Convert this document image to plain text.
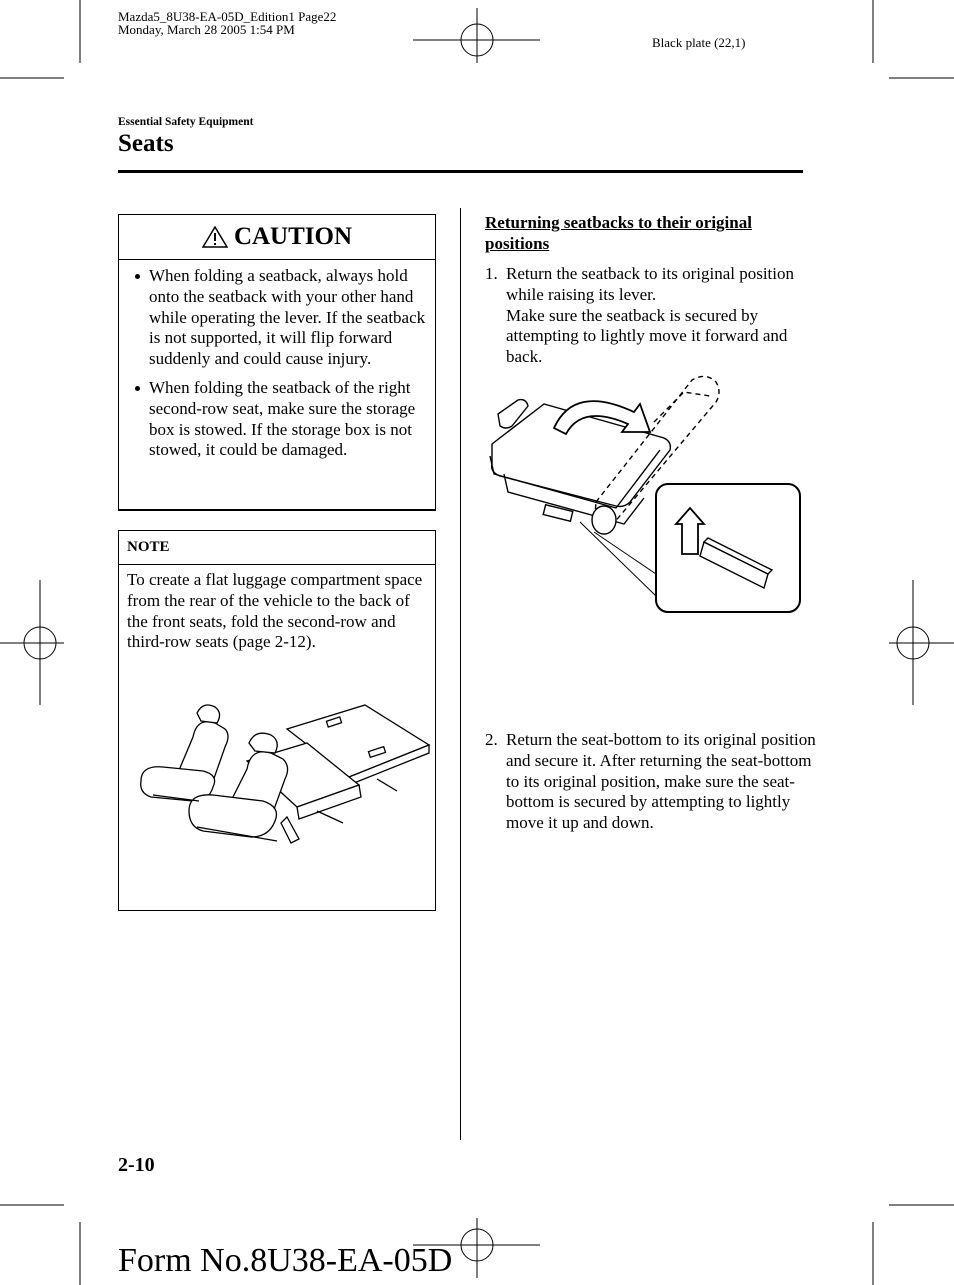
Mazda5_8U38-EA-05D_Edition1 Page22
Monday, March 28 2005 1:54 PM
Black plate (22,1)
Essential Safety Equipment
Seats
CAUTION
When folding a seatback, always hold onto the seatback with your other hand while operating the lever. If the seatback is not supported, it will flip forward suddenly and could cause injury.
When folding the seatback of the right second-row seat, make sure the storage box is stowed. If the storage box is not stowed, it could be damaged.
NOTE
To create a flat luggage compartment space from the rear of the vehicle to the back of the front seats, fold the second-row and third-row seats (page 2-12).
Returning seatbacks to their original positions
1. Return the seatback to its original position while raising its lever.
Make sure the seatback is secured by attempting to lightly move it forward and back.
2. Return the seat-bottom to its original position and secure it. After returning the seat-bottom to its original position, make sure the seat-bottom is secured by attempting to lightly move it up and down.
2-10
Form No.8U38-EA-05D
